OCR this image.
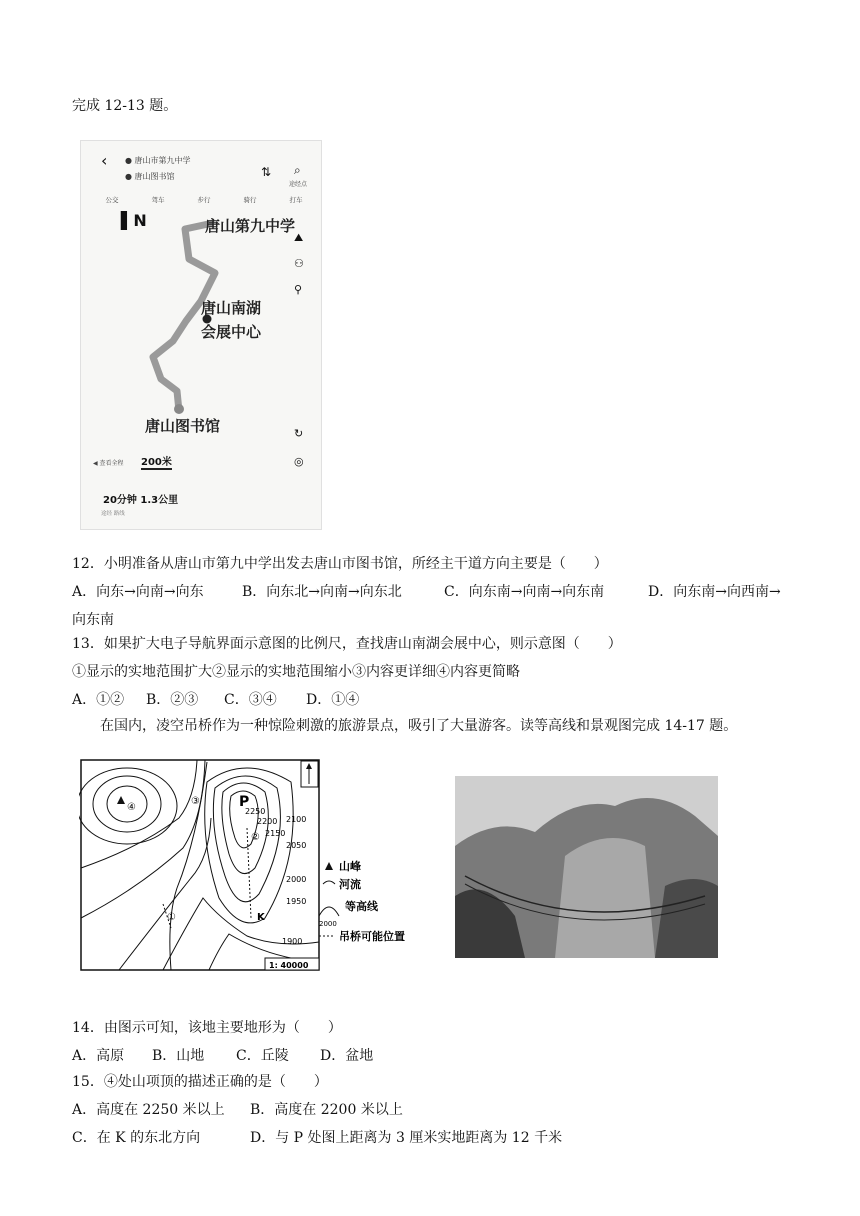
完成 12-13 题。
‹ ● 唐山市第九中学
● 唐山图书馆	⇅ ⌕
途经点
公交	驾车	步行	骑行	打车
▌N	唐山第九中学
唐山南湖
会展中心
唐山图书馆
⛰
⚇
⚲
↻
◎
◀ 查看全程 200米
20分钟 1.3公里
途经 路线
12．小明准备从唐山市第九中学出发去唐山市图书馆，所经主干道方向主要是（　　）
A．向东→向南→向东	B．向东北→向南→向东北	C．向东南→向南→向东南	D．向东南→向西南→
向东南
13．如果扩大电子导航界面示意图的比例尺，查找唐山南湖会展中心，则示意图（　　）
①显示的实地范围扩大②显示的实地范围缩小③内容更详细④内容更简略
A．①② B．②③ C．③④ D．①④
在国内，凌空吊桥作为一种惊险刺激的旅游景点，吸引了大量游客。读等高线和景观图完成 14-17 题。
P
K
2250
2200
2150
2100
2050
2000
1950
1900
①
②
③
④
1: 40000
山峰
河流
等高线
2000
吊桥可能位置
14．由图示可知，该地主要地形为（　　）
A．高原 B．山地 C．丘陵 D．盆地
15．④处山项顶的描述正确的是（　　）
A．高度在 2250 米以上 B．高度在 2200 米以上
C．在 K 的东北方向	D．与 P 处图上距离为 3 厘米实地距离为 12 千米
